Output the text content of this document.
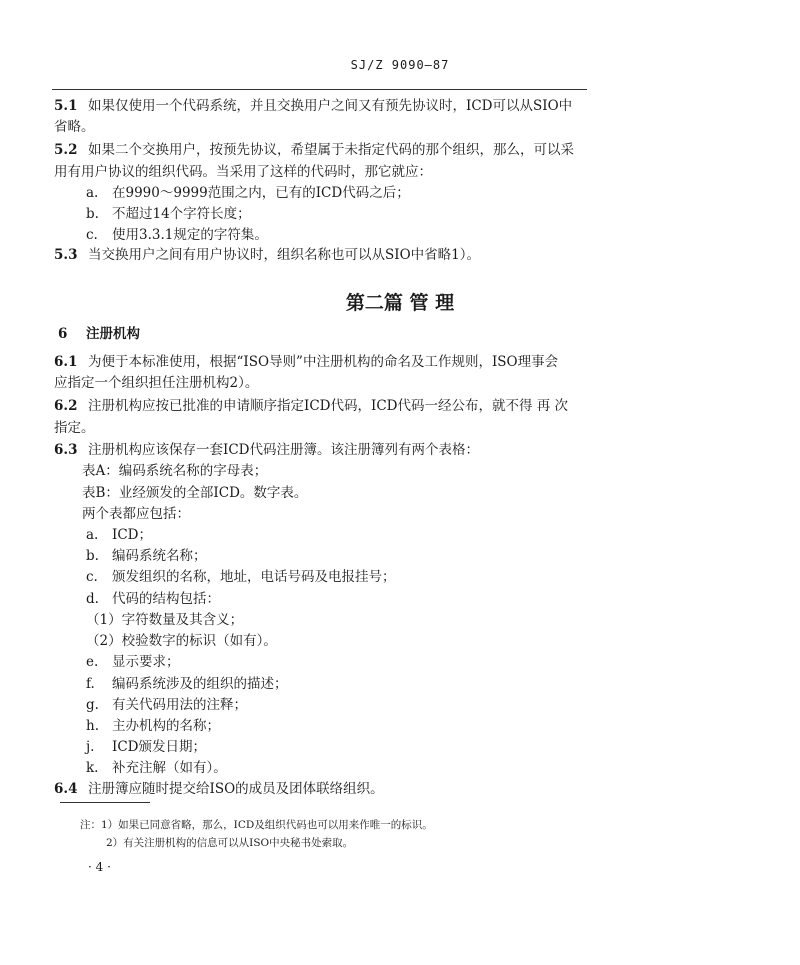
SJ/Z 9090—87
5.1 如果仅使用一个代码系统，并且交换用户之间又有预先协议时，ICD可以从SIO中
省略。
5.2 如果二个交换用户，按预先协议，希望属于未指定代码的那个组织，那么，可以采
用有用户协议的组织代码。当采用了这样的代码时，那它就应：
a. 在9990～9999范围之内，已有的ICD代码之后；
b. 不超过14个字符长度；
c. 使用3.3.1规定的字符集。
5.3 当交换用户之间有用户协议时，组织名称也可以从SIO中省略1）。
第二篇 管 理
6 注册机构
6.1 为便于本标准使用，根据“ISO导则”中注册机构的命名及工作规则，ISO理事会
应指定一个组织担任注册机构2）。
6.2 注册机构应按已批准的申请顺序指定ICD代码，ICD代码一经公布，就不得 再 次
指定。
6.3 注册机构应该保存一套ICD代码注册簿。该注册簿列有两个表格：
表A：编码系统名称的字母表；
表B：业经颁发的全部ICD。数字表。
两个表都应包括：
a. ICD；
b. 编码系统名称；
c. 颁发组织的名称，地址，电话号码及电报挂号；
d. 代码的结构包括：
（1）字符数量及其含义；
（2）校验数字的标识（如有）。
e. 显示要求；
f. 编码系统涉及的组织的描述；
g. 有关代码用法的注释；
h. 主办机构的名称；
j. ICD颁发日期；
k. 补充注解（如有）。
6.4 注册簿应随时提交给ISO的成员及团体联络组织。
注：1）如果已同意省略，那么，ICD及组织代码也可以用来作唯一的标识。
2）有关注册机构的信息可以从ISO中央秘书处索取。
· 4 ·
